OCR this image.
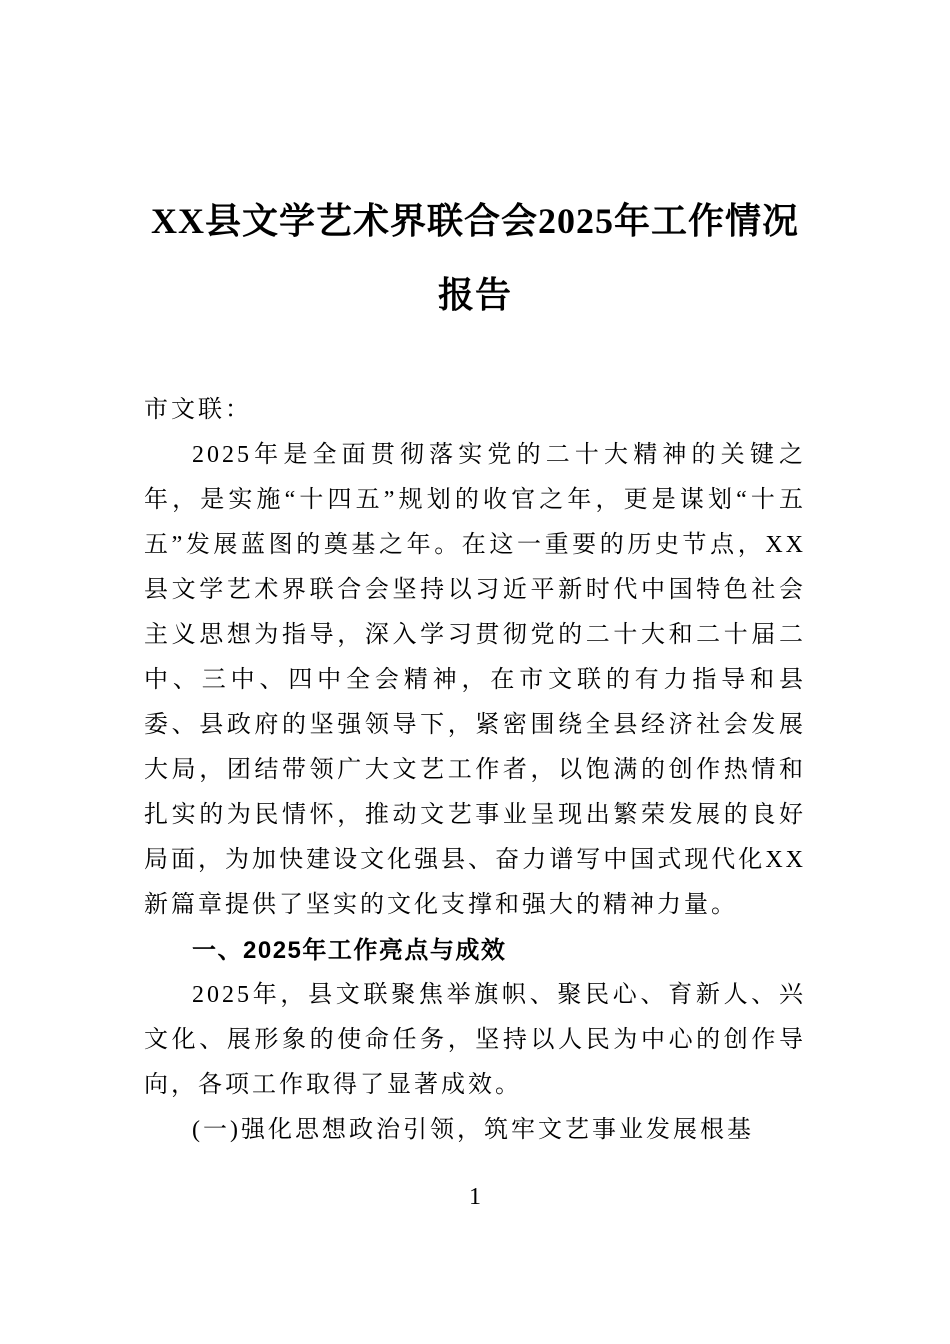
XX县文学艺术界联合会2025年工作情况
报告

市文联：

2025年是全面贯彻落实党的二十大精神的关键之年，是实施“十四五”规划的收官之年，更是谋划“十五五”发展蓝图的奠基之年。在这一重要的历史节点，XX县文学艺术界联合会坚持以习近平新时代中国特色社会主义思想为指导，深入学习贯彻党的二十大和二十届二中、三中、四中全会精神，在市文联的有力指导和县委、县政府的坚强领导下，紧密围绕全县经济社会发展大局，团结带领广大文艺工作者，以饱满的创作热情和扎实的为民情怀，推动文艺事业呈现出繁荣发展的良好局面，为加快建设文化强县、奋力谱写中国式现代化XX新篇章提供了坚实的文化支撑和强大的精神力量。

一、2025年工作亮点与成效

2025年，县文联聚焦举旗帜、聚民心、育新人、兴文化、展形象的使命任务，坚持以人民为中心的创作导向，各项工作取得了显著成效。

(一)强化思想政治引领，筑牢文艺事业发展根基
1
